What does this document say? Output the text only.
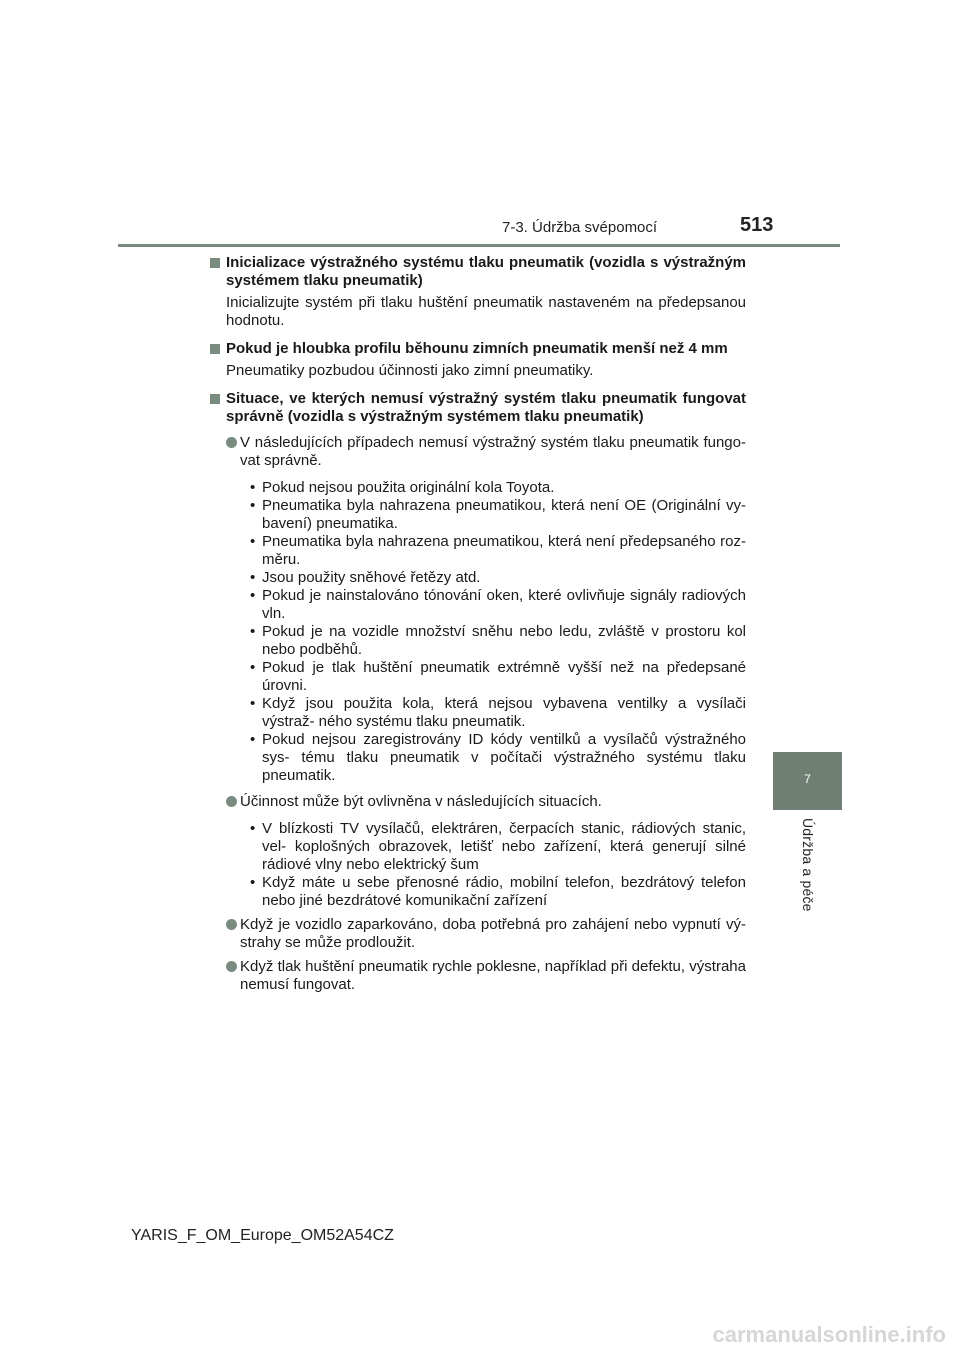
7-3. Údržba svépomocí	513
7
Údržba a péče
Inicializace výstražného systému tlaku pneumatik (vozidla s výstražným systémem tlaku pneumatik)
Inicializujte systém při tlaku huštění pneumatik nastaveném na předepsanou hodnotu.
Pokud je hloubka profilu běhounu zimních pneumatik menší než 4 mm
Pneumatiky pozbudou účinnosti jako zimní pneumatiky.
Situace, ve kterých nemusí výstražný systém tlaku pneumatik fungovat správně (vozidla s výstražným systémem tlaku pneumatik)
V následujících případech nemusí výstražný systém tlaku pneumatik fungo- vat správně.
• Pokud nejsou použita originální kola Toyota.
• Pneumatika byla nahrazena pneumatikou, která není OE (Originální vy- bavení) pneumatika.
• Pneumatika byla nahrazena pneumatikou, která není předepsaného roz- měru.
• Jsou použity sněhové řetězy atd.
• Pokud je nainstalováno tónování oken, které ovlivňuje signály radiových vln.
• Pokud je na vozidle množství sněhu nebo ledu, zvláště v prostoru kol nebo podběhů.
• Pokud je tlak huštění pneumatik extrémně vyšší než na předepsané úrovni.
• Když jsou použita kola, která nejsou vybavena ventilky a vysílači výstraž- ného systému tlaku pneumatik.
• Pokud nejsou zaregistrovány ID kódy ventilků a vysílačů výstražného sys- tému tlaku pneumatik v počítači výstražného systému tlaku pneumatik.
Účinnost může být ovlivněna v následujících situacích.
• V blízkosti TV vysílačů, elektráren, čerpacích stanic, rádiových stanic, vel- koplošných obrazovek, letišť nebo zařízení, která generují silné rádiové vlny nebo elektrický šum
• Když máte u sebe přenosné rádio, mobilní telefon, bezdrátový telefon nebo jiné bezdrátové komunikační zařízení
Když je vozidlo zaparkováno, doba potřebná pro zahájení nebo vypnutí vý- strahy se může prodloužit.
Když tlak huštění pneumatik rychle poklesne, například při defektu, výstraha nemusí fungovat.
YARIS_F_OM_Europe_OM52A54CZ
carmanualsonline.info
